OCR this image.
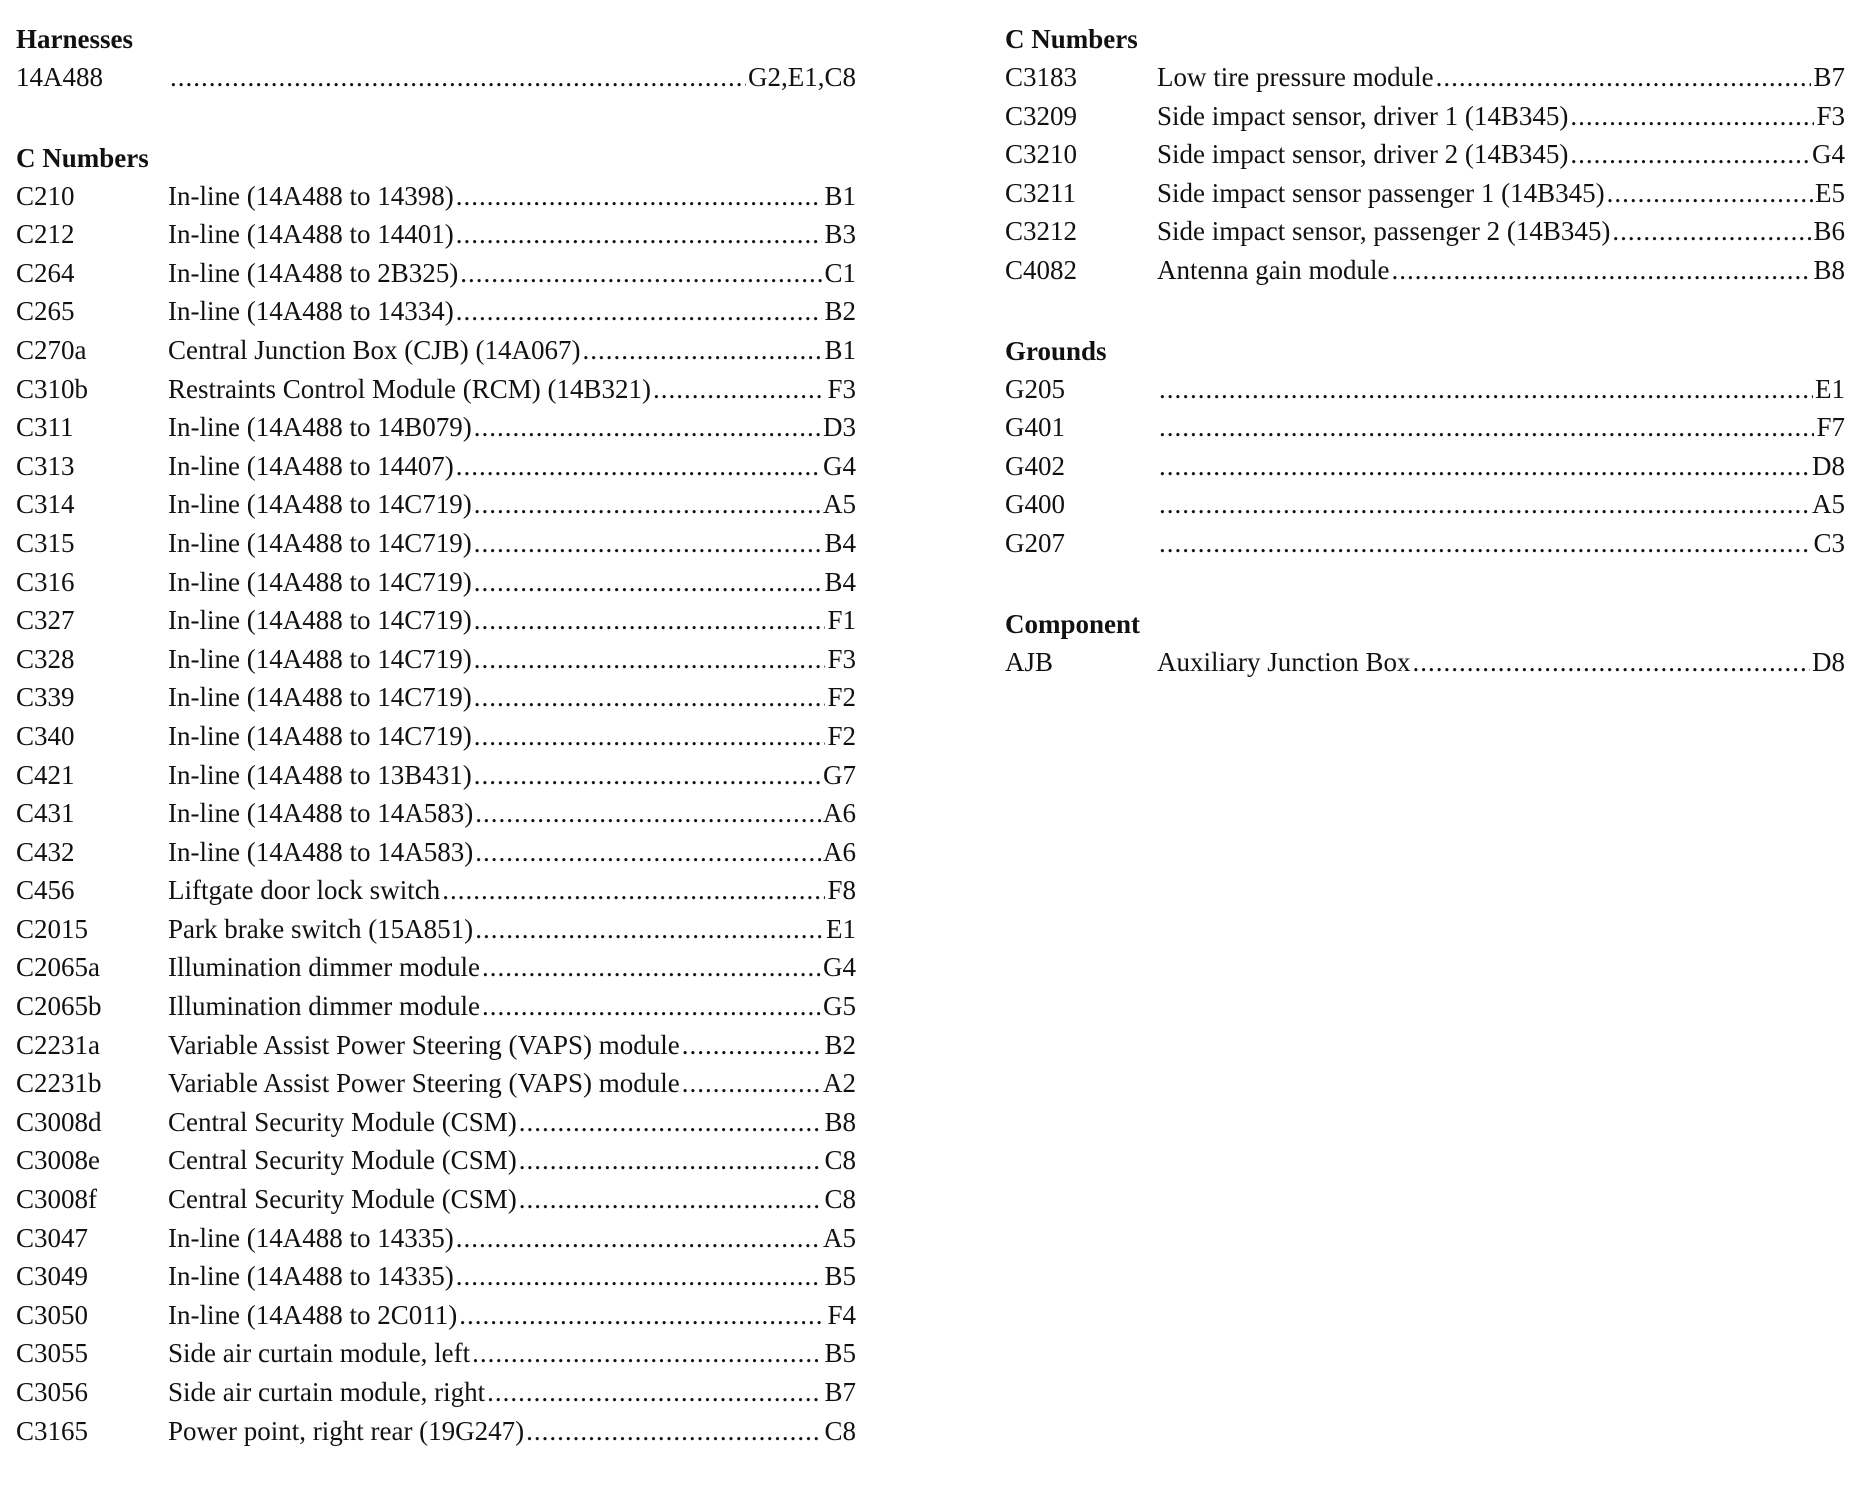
Harnesses
14A488 .....	G2,E1,C8
C Numbers
C210	In-line (14A488 to 14398) .....	B1
C212	In-line (14A488 to 14401) .....	B3
C264	In-line (14A488 to 2B325) .....	C1
C265	In-line (14A488 to 14334) .....	B2
C270a	Central Junction Box (CJB) (14A067) .....	B1
C310b	Restraints Control Module (RCM) (14B321) .....	F3
C311	In-line (14A488 to 14B079) .....	D3
C313	In-line (14A488 to 14407) .....	G4
C314	In-line (14A488 to 14C719) .....	A5
C315	In-line (14A488 to 14C719) .....	B4
C316	In-line (14A488 to 14C719) .....	B4
C327	In-line (14A488 to 14C719) .....	F1
C328	In-line (14A488 to 14C719) .....	F3
C339	In-line (14A488 to 14C719) .....	F2
C340	In-line (14A488 to 14C719) .....	F2
C421	In-line (14A488 to 13B431) .....	G7
C431	In-line (14A488 to 14A583) .....	A6
C432	In-line (14A488 to 14A583) .....	A6
C456	Liftgate door lock switch .....	F8
C2015	Park brake switch (15A851) .....	E1
C2065a	Illumination dimmer module .....	G4
C2065b	Illumination dimmer module .....	G5
C2231a	Variable Assist Power Steering (VAPS) module .....	B2
C2231b	Variable Assist Power Steering (VAPS) module .....	A2
C3008d	Central Security Module (CSM) .....	B8
C3008e	Central Security Module (CSM) .....	C8
C3008f	Central Security Module (CSM) .....	C8
C3047	In-line (14A488 to 14335) .....	A5
C3049	In-line (14A488 to 14335) .....	B5
C3050	In-line (14A488 to 2C011) .....	F4
C3055	Side air curtain module, left .....	B5
C3056	Side air curtain module, right .....	B7
C3165	Power point, right rear (19G247) .....	C8
C Numbers
C3183	Low tire pressure module .....	B7
C3209	Side impact sensor, driver 1 (14B345) .....	F3
C3210	Side impact sensor, driver 2 (14B345) .....	G4
C3211	Side impact sensor passenger 1 (14B345) .....	E5
C3212	Side impact sensor, passenger 2 (14B345) .....	B6
C4082	Antenna gain module .....	B8
Grounds
G205 .....	E1
G401 .....	F7
G402 .....	D8
G400 .....	A5
G207 .....	C3
Component
AJB	Auxiliary Junction Box .....	D8
